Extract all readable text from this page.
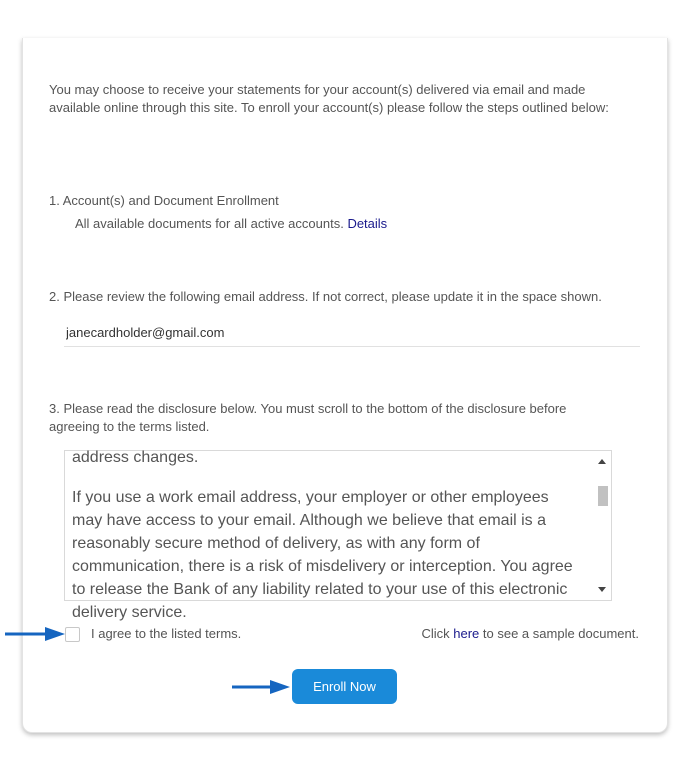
You may choose to receive your statements for your account(s) delivered via email and made available online through this site. To enroll your account(s) please follow the steps outlined below:
1. Account(s) and Document Enrollment
All available documents for all active accounts. Details
2. Please review the following email address. If not correct, please update it in the space shown.
janecardholder@gmail.com
3. Please read the disclosure below. You must scroll to the bottom of the disclosure before agreeing to the terms listed.

address changes.

If you use a work email address, your employer or other employees may have access to your email. Although we believe that email is a reasonably secure method of delivery, as with any form of communication, there is a risk of misdelivery or interception. You agree to release the Bank of any liability related to your use of this electronic delivery service.

I agree to the listed terms.	Click here to see a sample document.
Enroll Now
